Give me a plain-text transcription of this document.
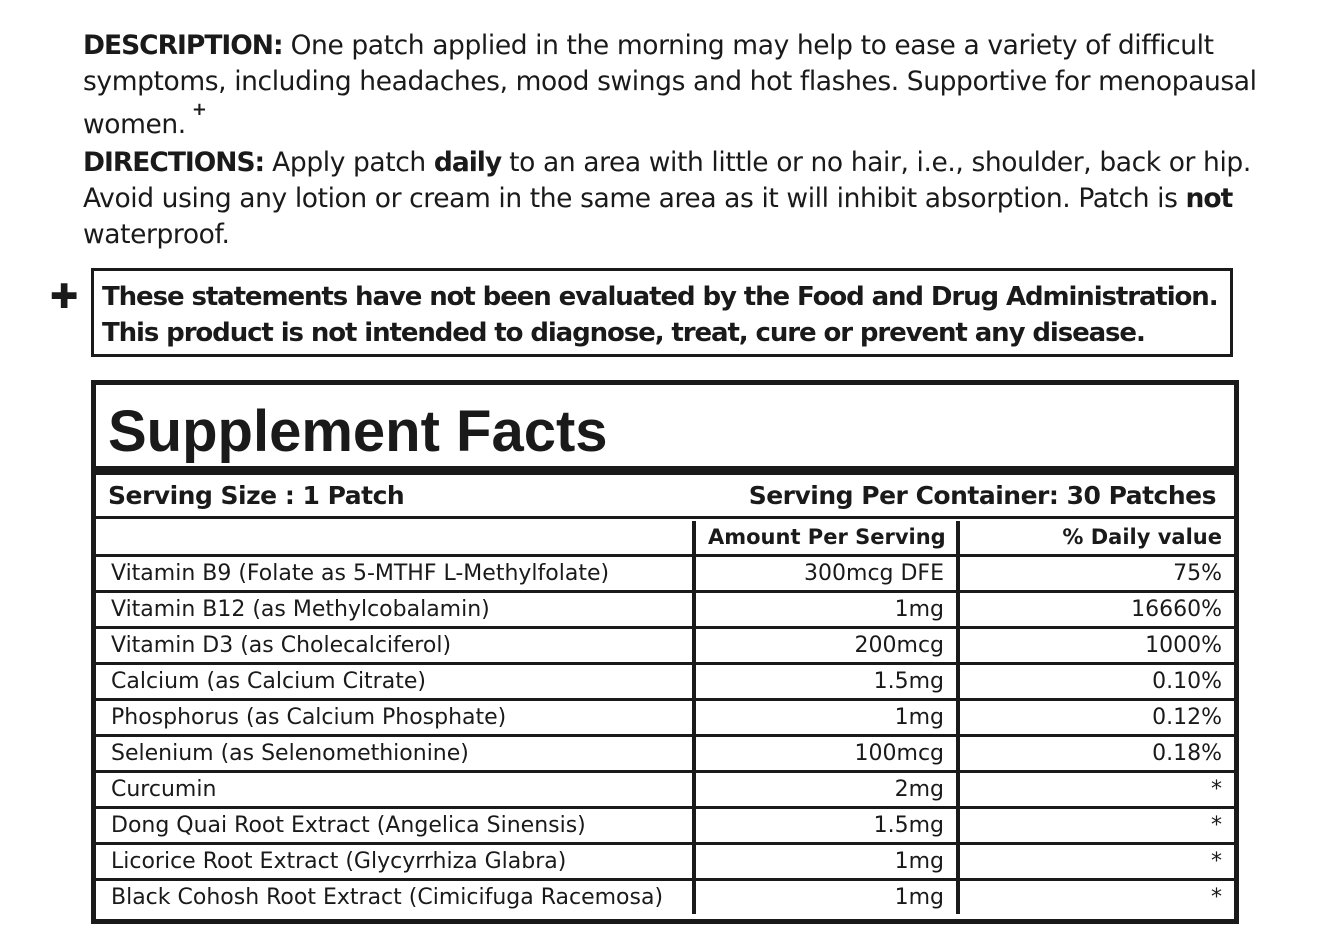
DESCRIPTION: One patch applied in the morning may help to ease a variety of difficult symptoms, including headaches, mood swings and hot flashes. Supportive for menopausal women. +
DIRECTIONS: Apply patch daily to an area with little or no hair, i.e., shoulder, back or hip. Avoid using any lotion or cream in the same area as it will inhibit absorption. Patch is not waterproof.
✚ These statements have not been evaluated by the Food and Drug Administration.
This product is not intended to diagnose, treat, cure or prevent any disease.
Supplement Facts
Serving Size : 1 Patch	Serving Per Container: 30 Patches
	Amount Per Serving	% Daily value
Vitamin B9 (Folate as 5-MTHF L-Methylfolate)	300mcg DFE	75%
Vitamin B12 (as Methylcobalamin)	1mg	16660%
Vitamin D3 (as Cholecalciferol)	200mcg	1000%
Calcium (as Calcium Citrate)	1.5mg	0.10%
Phosphorus (as Calcium Phosphate)	1mg	0.12%
Selenium (as Selenomethionine)	100mcg	0.18%
Curcumin	2mg	*
Dong Quai Root Extract (Angelica Sinensis)	1.5mg	*
Licorice Root Extract (Glycyrrhiza Glabra)	1mg	*
Black Cohosh Root Extract (Cimicifuga Racemosa)	1mg	*
